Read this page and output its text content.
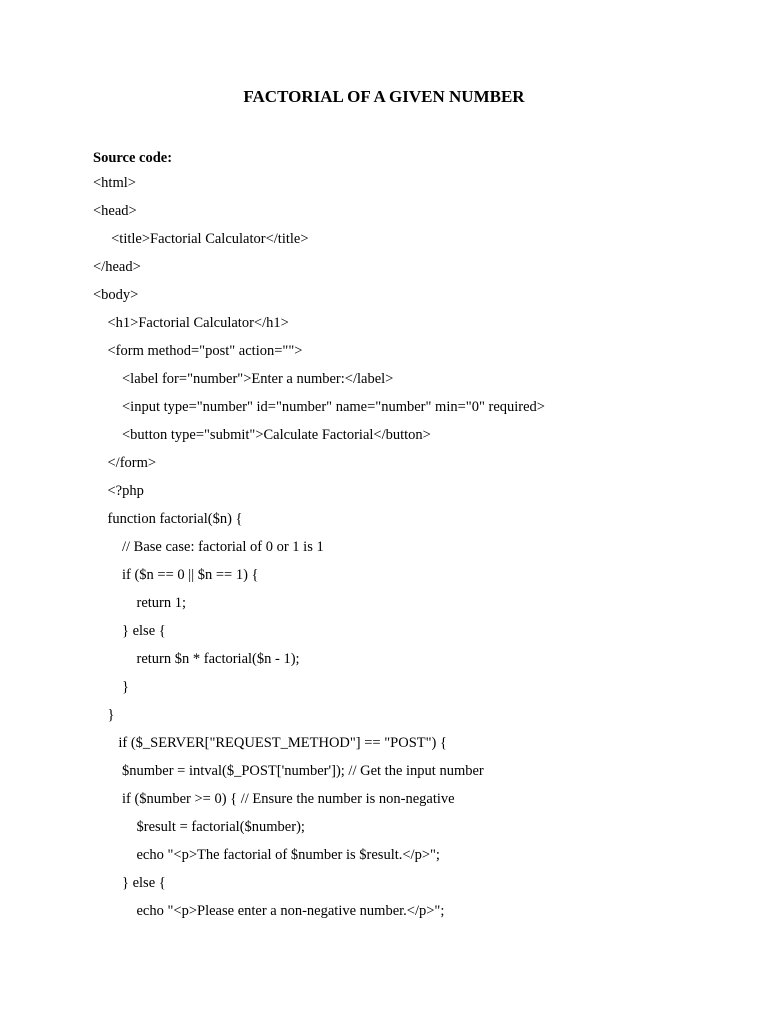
FACTORIAL OF A GIVEN NUMBER
Source code:
<html>
<head>
<title>Factorial Calculator</title>
</head>
<body>
<h1>Factorial Calculator</h1>
<form method="post" action="">
<label for="number">Enter a number:</label>
<input type="number" id="number" name="number" min="0" required>
<button type="submit">Calculate Factorial</button>
</form>
<?php
function factorial($n) {
// Base case: factorial of 0 or 1 is 1
if ($n == 0 || $n == 1) {
return 1;
} else {
return $n * factorial($n - 1);
}
}
if ($_SERVER["REQUEST_METHOD"] == "POST") {
$number = intval($_POST['number']); // Get the input number
if ($number >= 0) { // Ensure the number is non-negative
$result = factorial($number);
echo "<p>The factorial of $number is $result.</p>";
} else {
echo "<p>Please enter a non-negative number.</p>";
